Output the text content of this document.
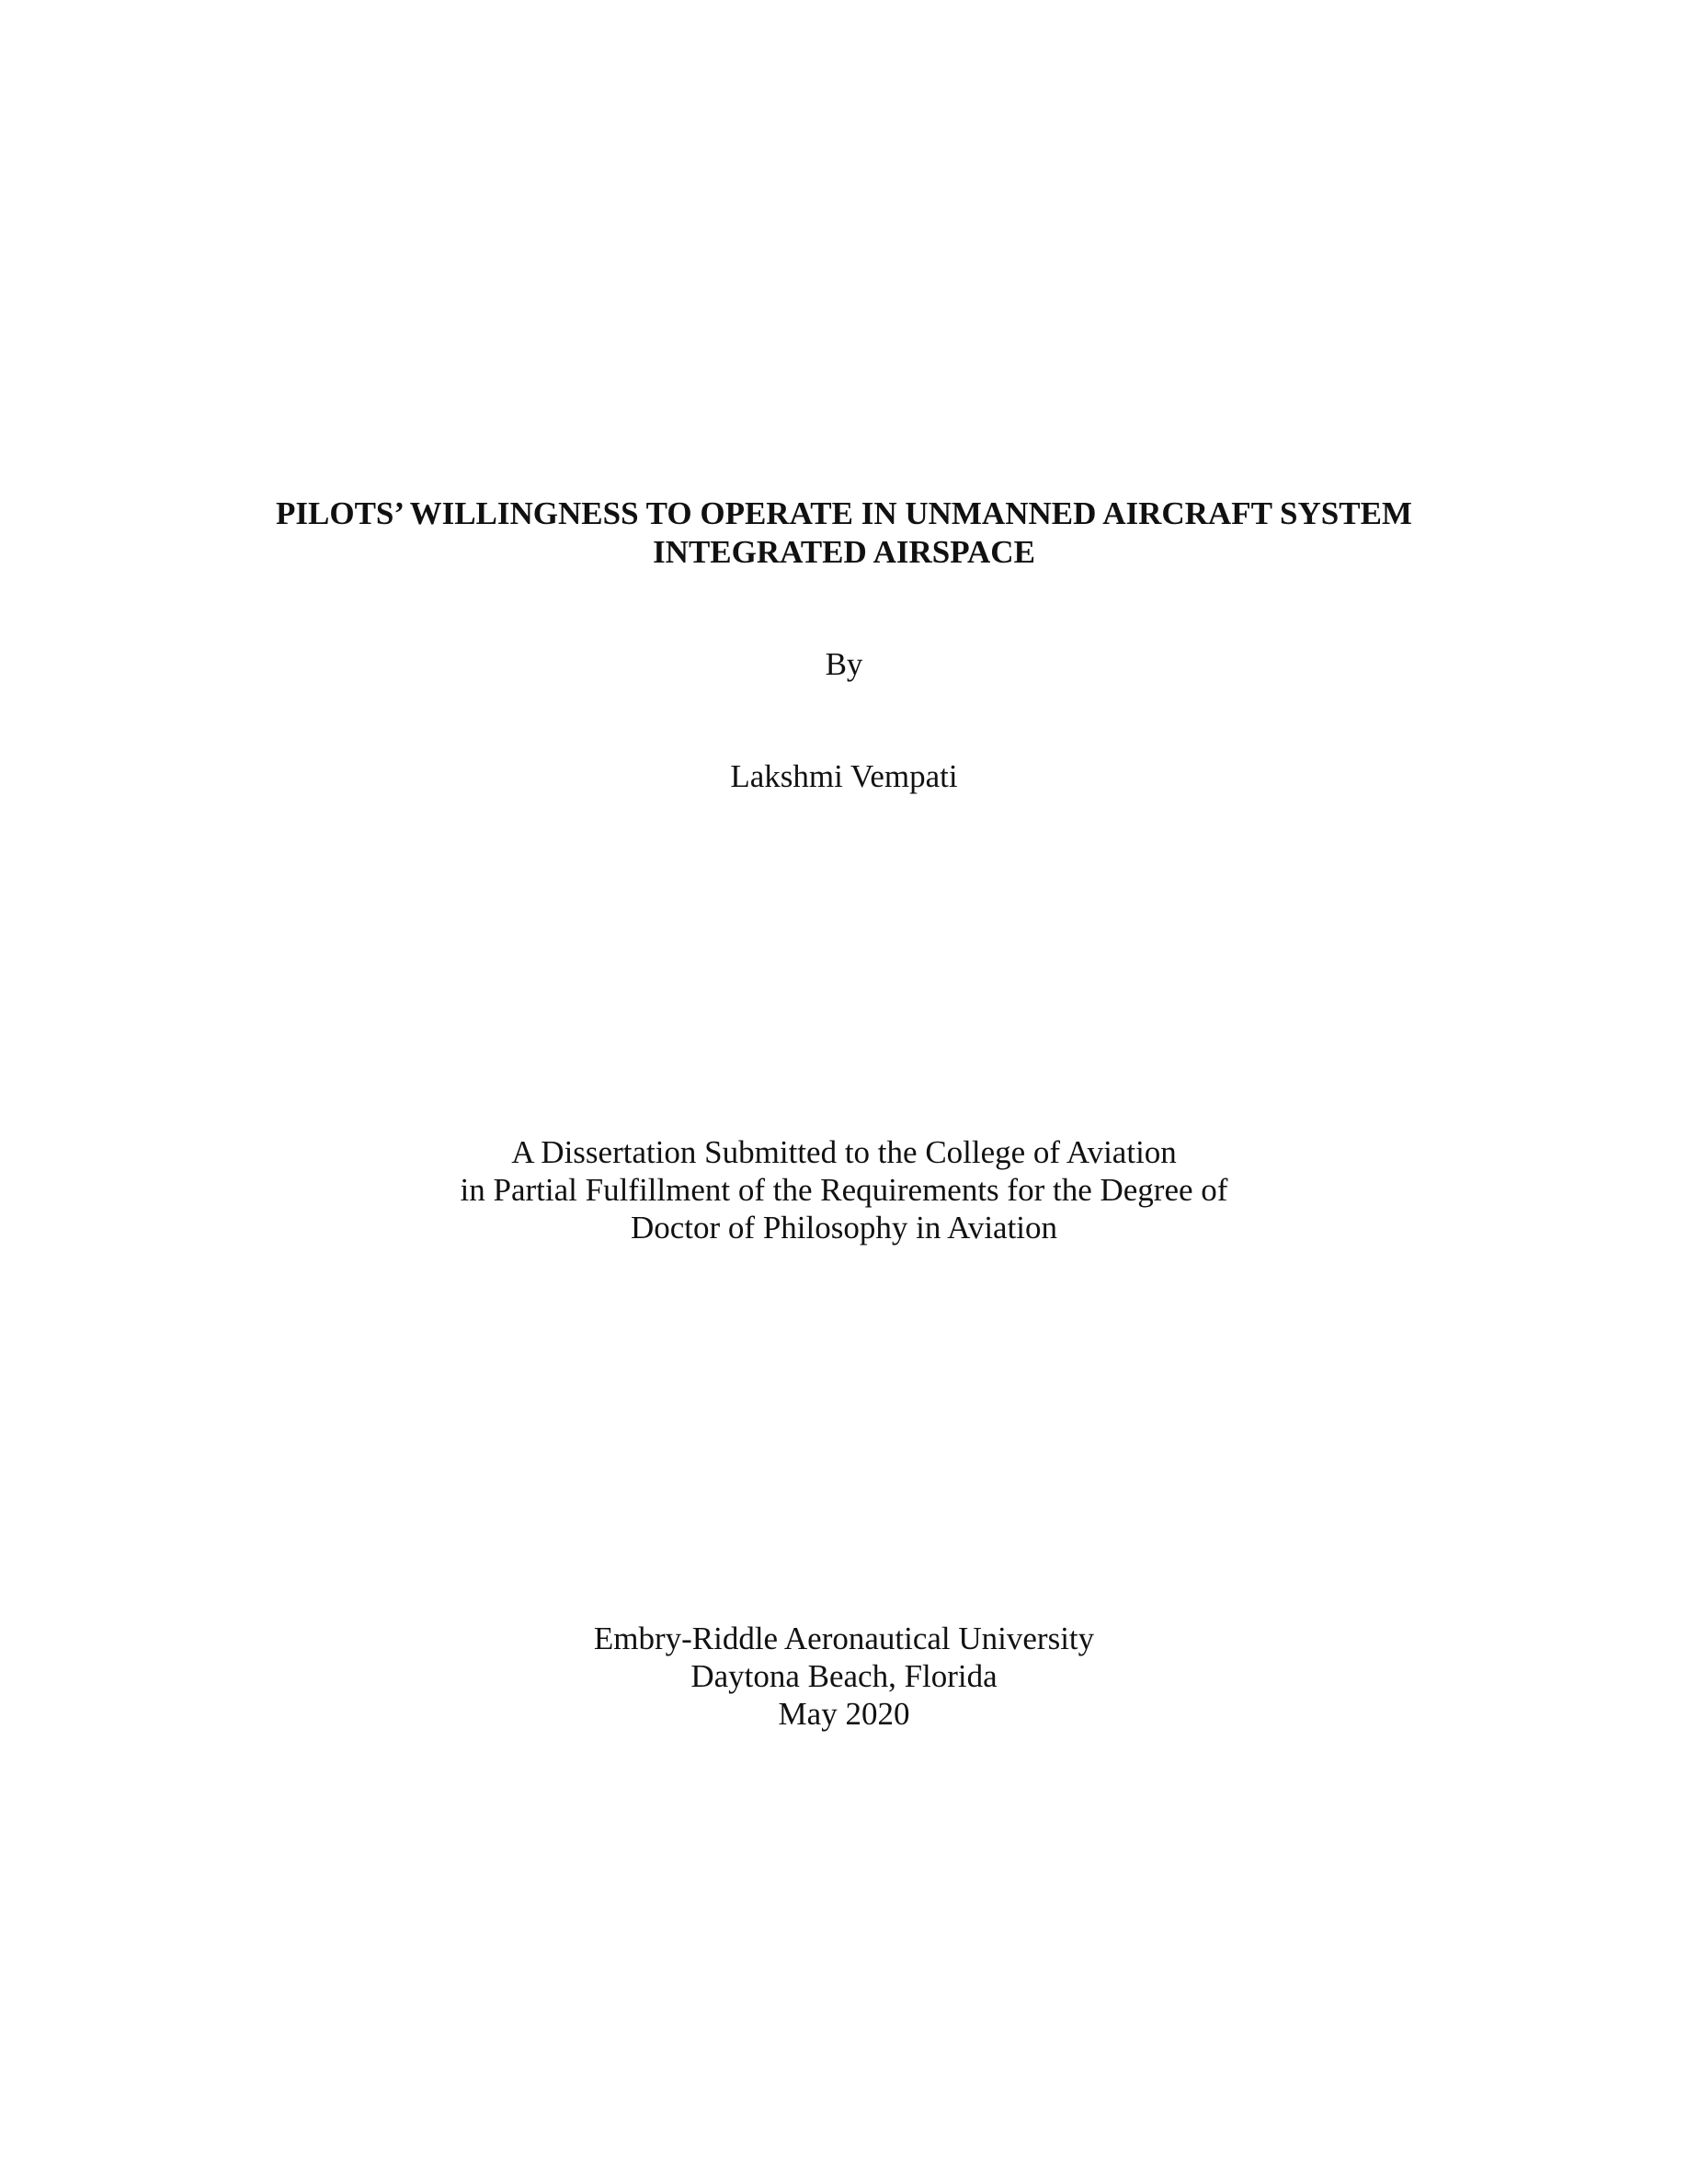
PILOTS’ WILLINGNESS TO OPERATE IN UNMANNED AIRCRAFT SYSTEM
INTEGRATED AIRSPACE
By
Lakshmi Vempati
A Dissertation Submitted to the College of Aviation
in Partial Fulfillment of the Requirements for the Degree of
Doctor of Philosophy in Aviation
Embry-Riddle Aeronautical University
Daytona Beach, Florida
May 2020
